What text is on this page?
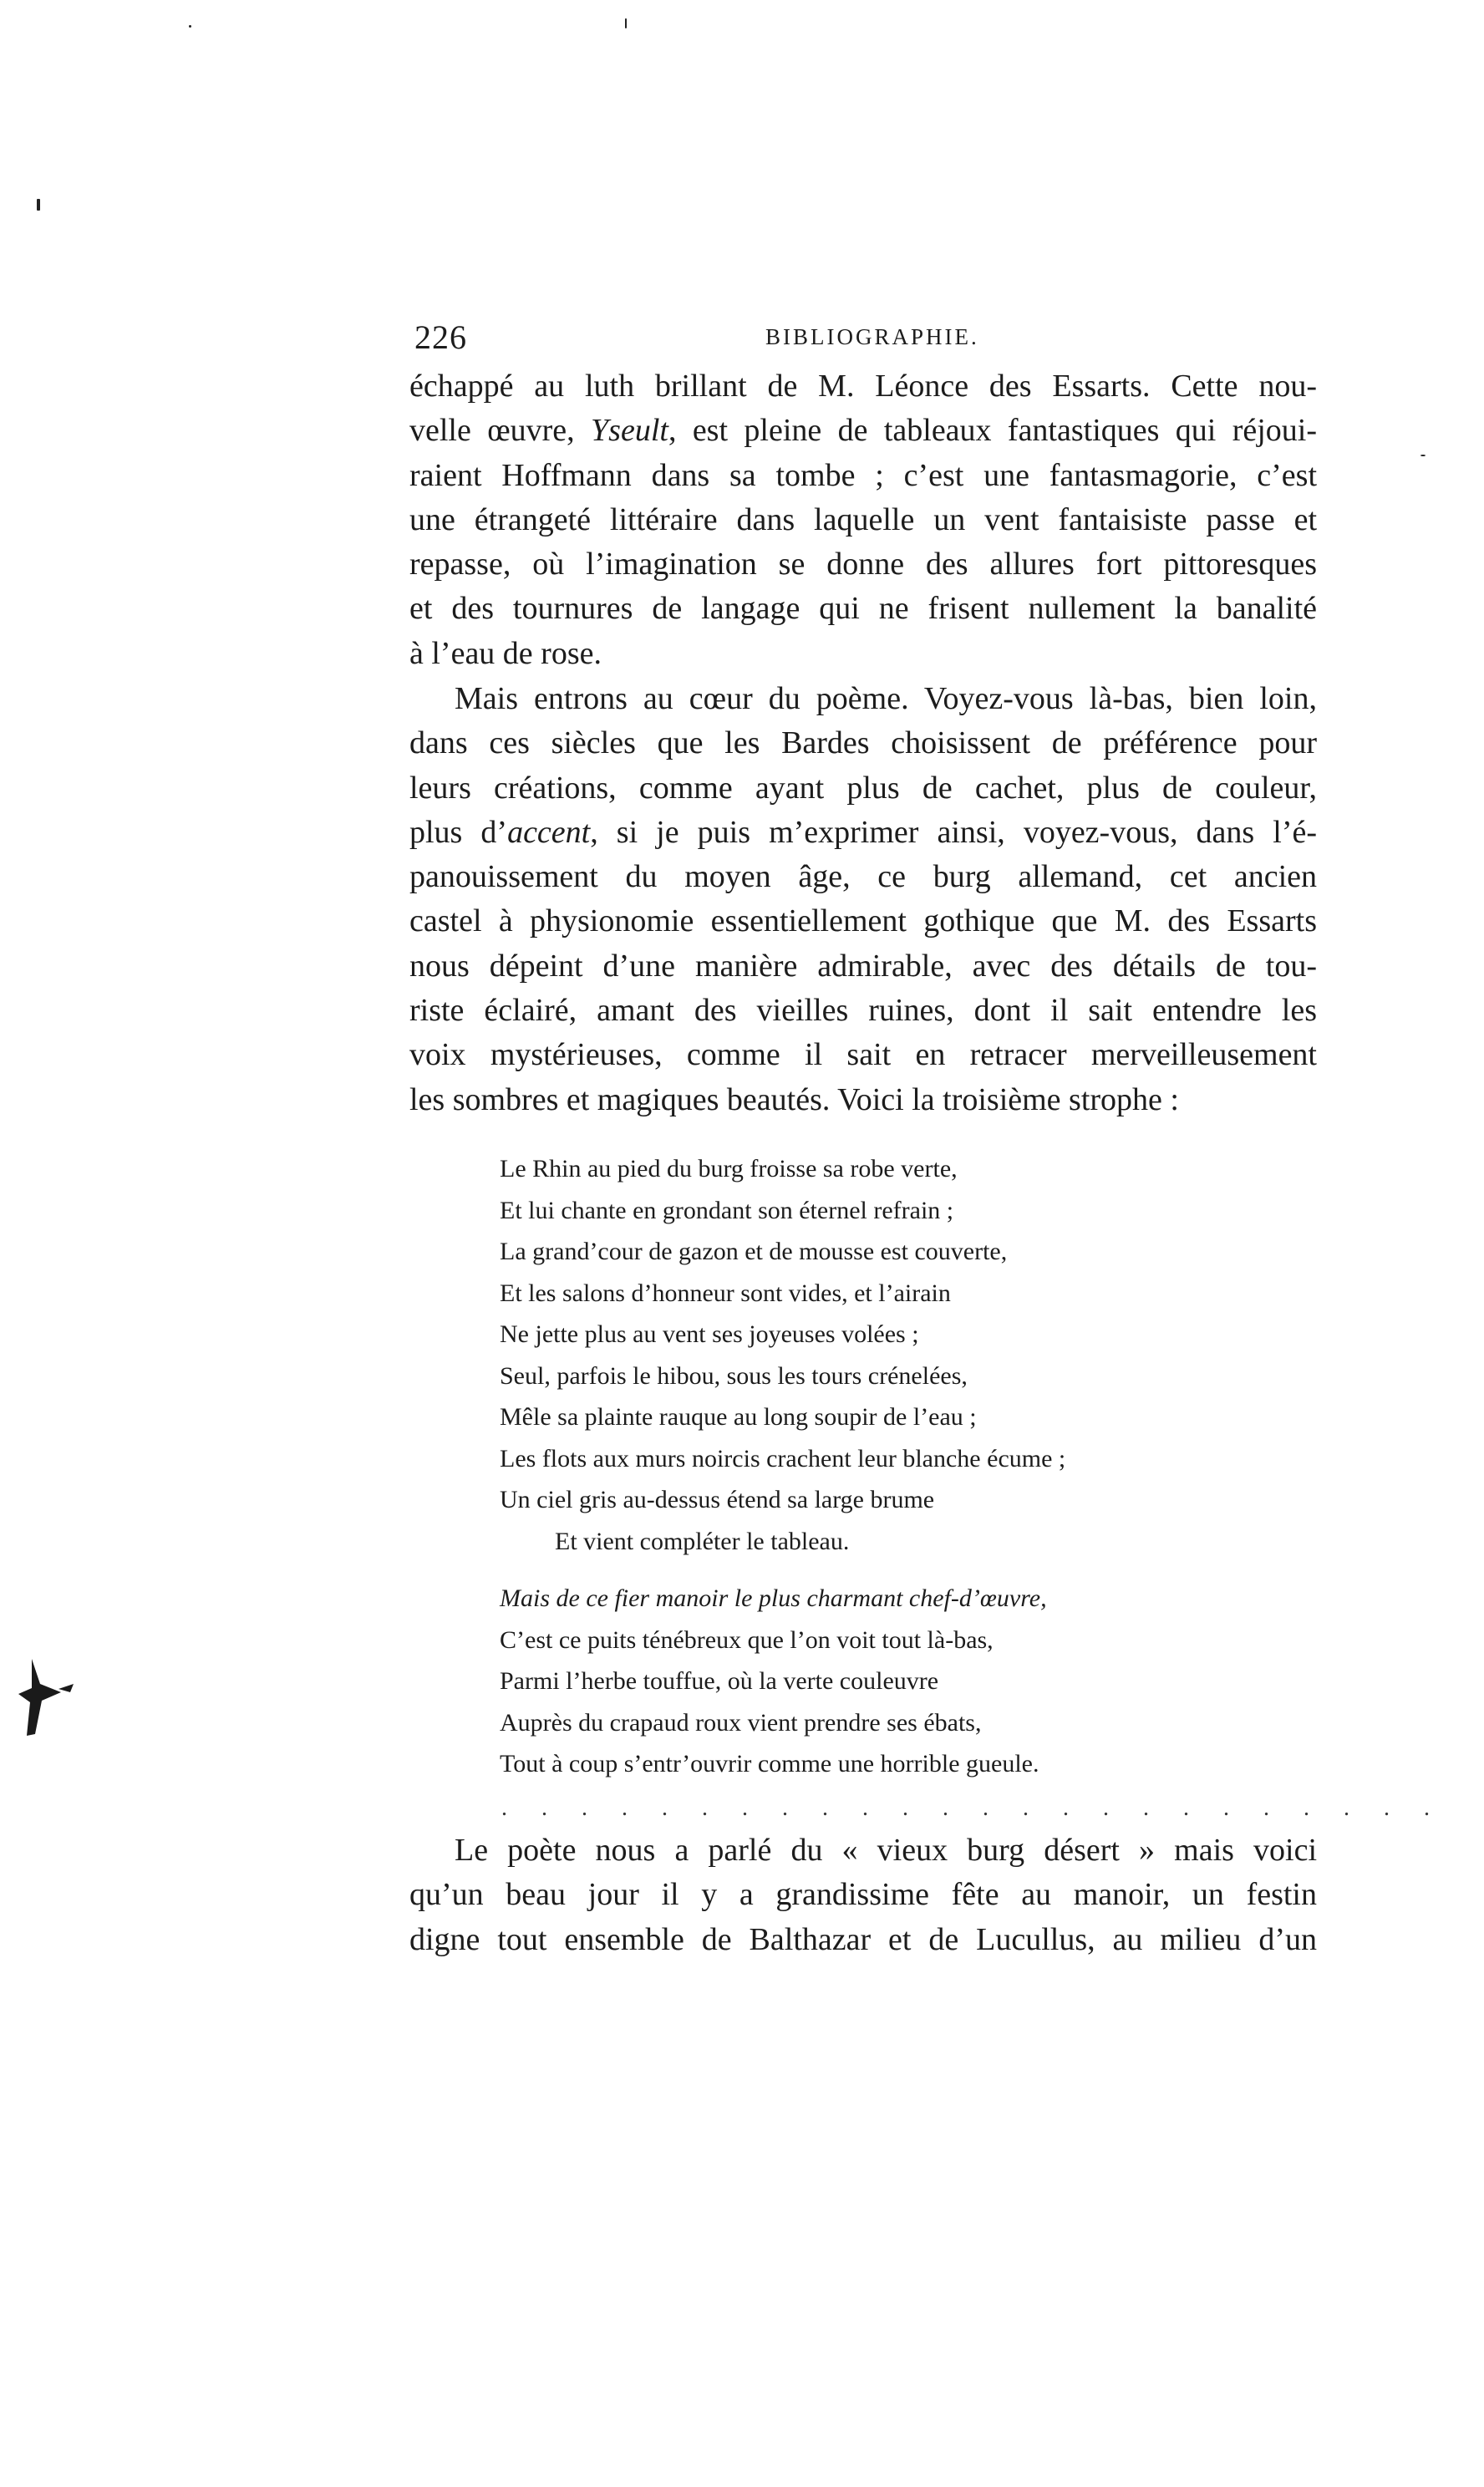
226	BIBLIOGRAPHIE.
échappé au luth brillant de M. Léonce des Essarts. Cette nou-
velle œuvre, Yseult, est pleine de tableaux fantastiques qui réjoui-
raient Hoffmann dans sa tombe ; c’est une fantasmagorie, c’est
une étrangeté littéraire dans laquelle un vent fantaisiste passe et
repasse, où l’imagination se donne des allures fort pittoresques
et des tournures de langage qui ne frisent nullement la banalité
à l’eau de rose.
Mais entrons au cœur du poème. Voyez-vous là-bas, bien loin,
dans ces siècles que les Bardes choisissent de préférence pour
leurs créations, comme ayant plus de cachet, plus de couleur,
plus d’accent, si je puis m’exprimer ainsi, voyez-vous, dans l’é-
panouissement du moyen âge, ce burg allemand, cet ancien
castel à physionomie essentiellement gothique que M. des Essarts
nous dépeint d’une manière admirable, avec des détails de tou-
riste éclairé, amant des vieilles ruines, dont il sait entendre les
voix mystérieuses, comme il sait en retracer merveilleusement
les sombres et magiques beautés. Voici la troisième strophe :
Le Rhin au pied du burg froisse sa robe verte,
Et lui chante en grondant son éternel refrain ;
La grand’cour de gazon et de mousse est couverte,
Et les salons d’honneur sont vides, et l’airain
Ne jette plus au vent ses joyeuses volées ;
Seul, parfois le hibou, sous les tours crénelées,
Mêle sa plainte rauque au long soupir de l’eau ;
Les flots aux murs noircis crachent leur blanche écume ;
Un ciel gris au-dessus étend sa large brume
Et vient compléter le tableau.
Mais de ce fier manoir le plus charmant chef-d’œuvre,
C’est ce puits ténébreux que l’on voit tout là-bas,
Parmi l’herbe touffue, où la verte couleuvre
Auprès du crapaud roux vient prendre ses ébats,
Tout à coup s’entr’ouvrir comme une horrible gueule.
. . . . . . . . . . . . . . . . . . . . . . . .
Le poète nous a parlé du « vieux burg désert » mais voici
qu’un beau jour il y a grandissime fête au manoir, un festin
digne tout ensemble de Balthazar et de Lucullus, au milieu d’un
